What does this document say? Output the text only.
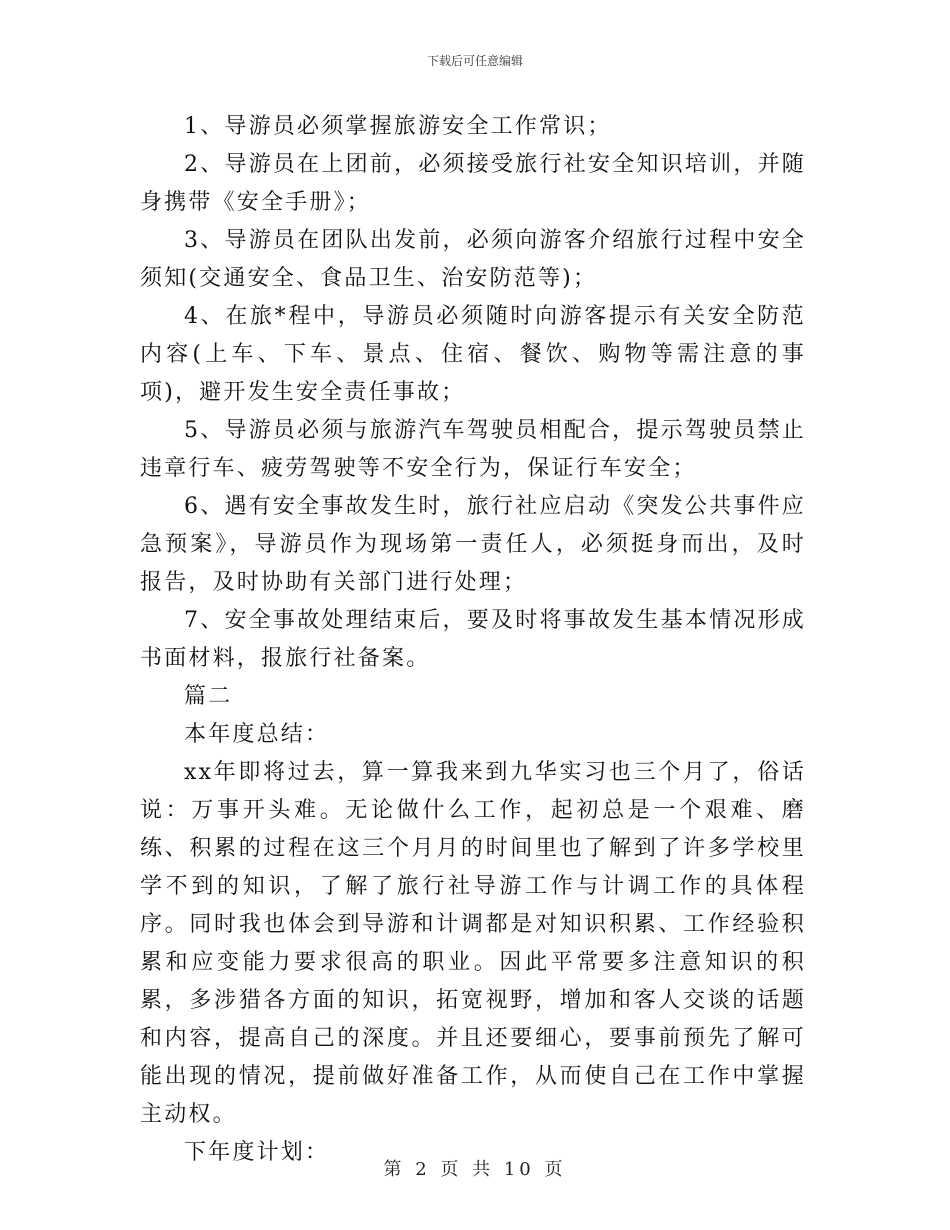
下载后可任意编辑

1、导游员必须掌握旅游安全工作常识；

2、导游员在上团前，必须接受旅行社安全知识培训，并随身携带《安全手册》；

3、导游员在团队出发前，必须向游客介绍旅行过程中安全须知(交通安全、食品卫生、治安防范等)；

4、在旅*程中，导游员必须随时向游客提示有关安全防范内容(上车、下车、景点、住宿、餐饮、购物等需注意的事项)，避开发生安全责任事故；

5、导游员必须与旅游汽车驾驶员相配合，提示驾驶员禁止违章行车、疲劳驾驶等不安全行为，保证行车安全；

6、遇有安全事故发生时，旅行社应启动《突发公共事件应急预案》，导游员作为现场第一责任人，必须挺身而出，及时报告，及时协助有关部门进行处理；

7、安全事故处理结束后，要及时将事故发生基本情况形成书面材料，报旅行社备案。

篇二

本年度总结：

xx年即将过去，算一算我来到九华实习也三个月了，俗话说：万事开头难。无论做什么工作，起初总是一个艰难、磨练、积累的过程在这三个月月的时间里也了解到了许多学校里学不到的知识，了解了旅行社导游工作与计调工作的具体程序。同时我也体会到导游和计调都是对知识积累、工作经验积累和应变能力要求很高的职业。因此平常要多注意知识的积累，多涉猎各方面的知识，拓宽视野，增加和客人交谈的话题和内容，提高自己的深度。并且还要细心，要事前预先了解可能出现的情况，提前做好准备工作，从而使自己在工作中掌握主动权。

下年度计划：

第 2 页 共 10 页
